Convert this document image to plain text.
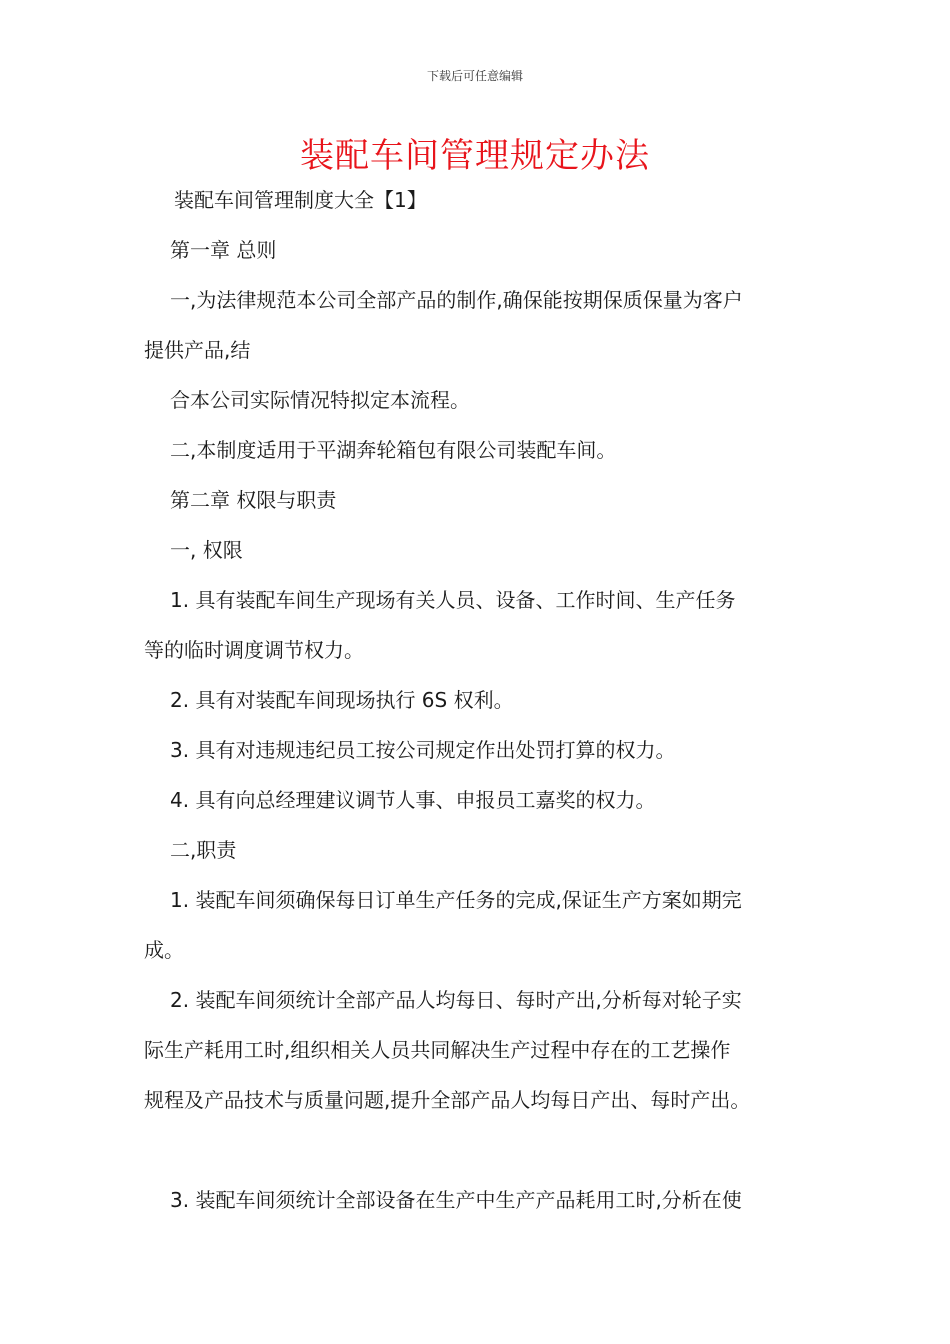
下载后可任意编辑
装配车间管理规定办法
装配车间管理制度大全【1】
第一章 总则
一,为法律规范本公司全部产品的制作,确保能按期保质保量为客户
提供产品,结
合本公司实际情况特拟定本流程。
二,本制度适用于平湖奔轮箱包有限公司装配车间。
第二章 权限与职责
一, 权限
1. 具有装配车间生产现场有关人员、设备、工作时间、生产任务
等的临时调度调节权力。
2. 具有对装配车间现场执行 6S 权利。
3. 具有对违规违纪员工按公司规定作出处罚打算的权力。
4. 具有向总经理建议调节人事、申报员工嘉奖的权力。
二,职责
1. 装配车间须确保每日订单生产任务的完成,保证生产方案如期完
成。
2. 装配车间须统计全部产品人均每日、每时产出,分析每对轮子实
际生产耗用工时,组织相关人员共同解决生产过程中存在的工艺操作
规程及产品技术与质量问题,提升全部产品人均每日产出、每时产出。
3. 装配车间须统计全部设备在生产中生产产品耗用工时,分析在使
